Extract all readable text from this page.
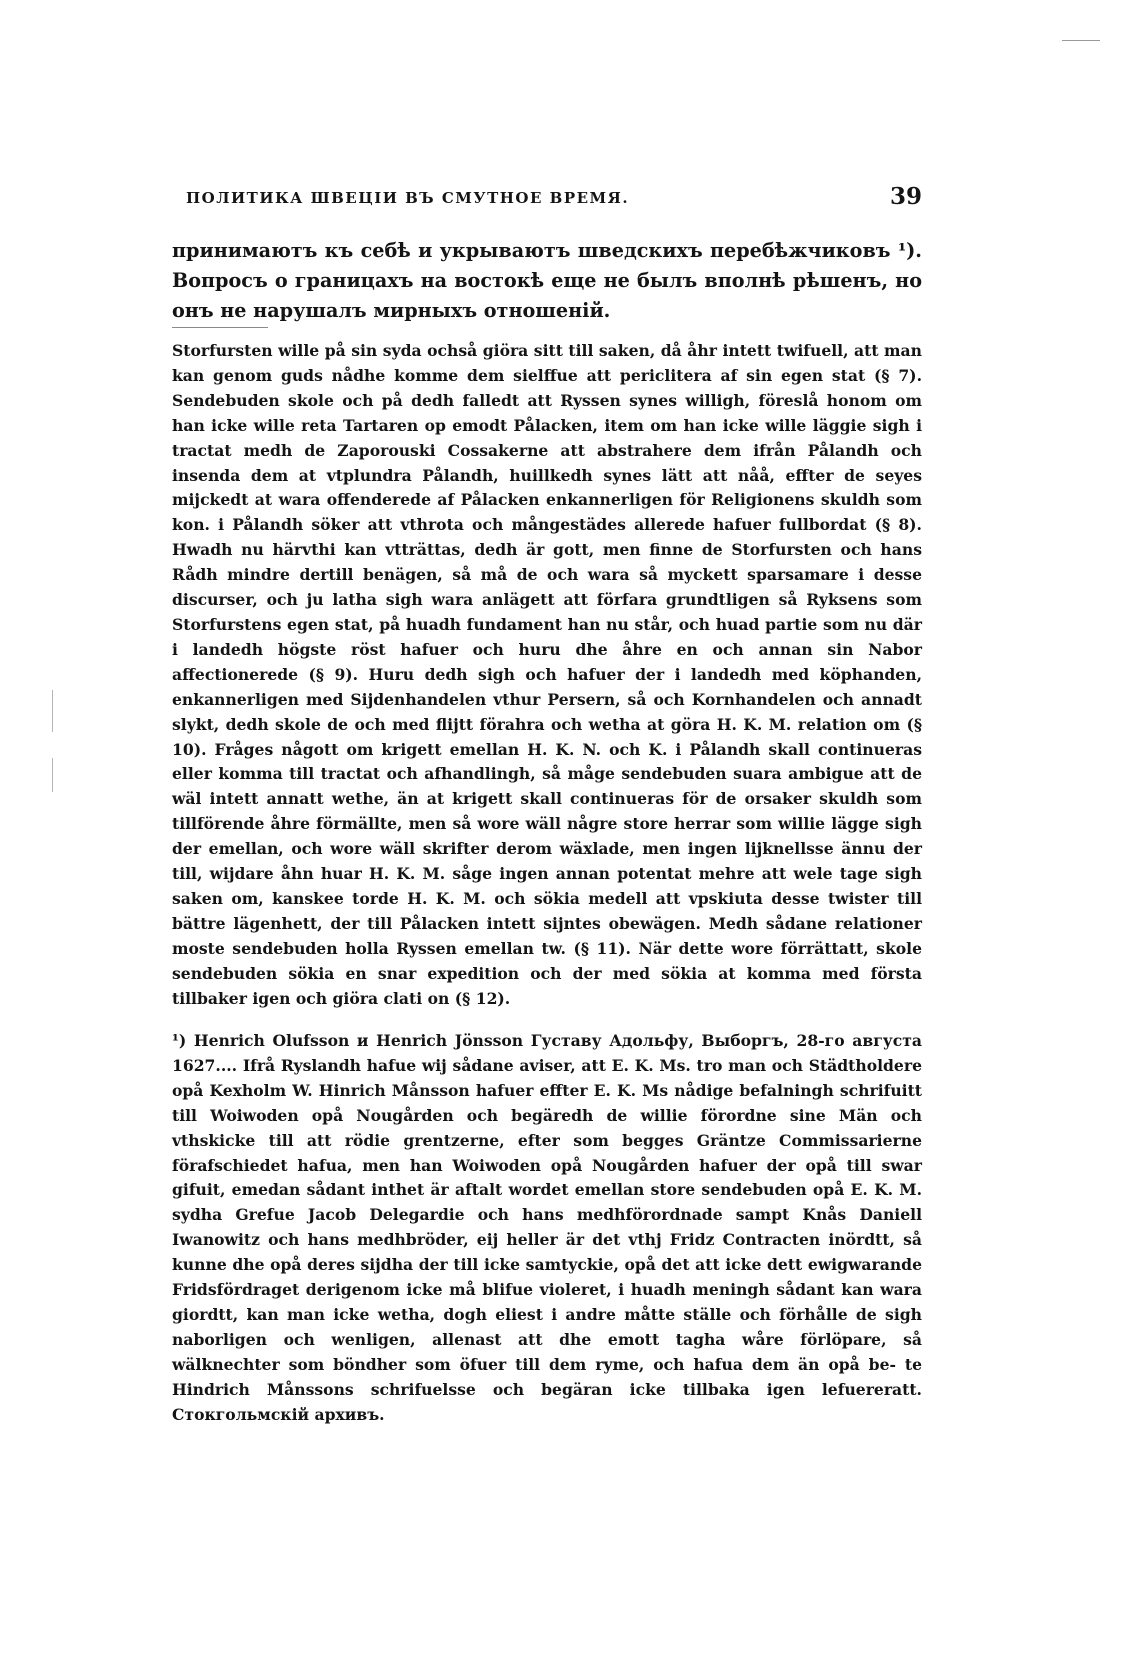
ПОЛИТИКА ШВЕЦІИ ВЪ СМУТНОЕ ВРЕМЯ.	39

принимаютъ къ себѣ и укрываютъ шведскихъ перебѣжчиковъ ¹). Вопросъ о границахъ на востокѣ еще не былъ вполнѣ рѣшенъ, но онъ не нарушалъ мирныхъ отношеній.

Storfursten wille på sin syda ochså giöra sitt till saken, då åhr intett twifuell, att man kan genom guds nådhe komme dem sielffue att periclitera af sin egen stat (§ 7). Sendebuden skole och på dedh falledt att Ryssen synes willigh, föreslå honom om han icke wille reta Tartaren op emodt Pålacken, item om han icke wille läggie sigh i tractat medh de Zaporouski Cossakerne att abstrahere dem ifrån Pålandh och insenda dem at vtplundra Pålandh, huillkedh synes lätt att nåå, effter de seyes mijckedt at wara offenderede af Pålacken enkannerligen för Religionens skuldh som kon. i Pålandh söker att vthrota och mångestädes allerede hafuer fullbordat (§ 8). Hwadh nu härvthi kan vtträttas, dedh är gott, men finne de Storfursten och hans Rådh mindre dertill benägen, så må de och wara så myckett sparsamare i desse discurser, och ju latha sigh wara anlägett att förfara grundtligen så Ryksens som Storfurstens egen stat, på huadh fundament han nu står, och huad partie som nu där i landedh högste röst hafuer och huru dhe åhre en och annan sin Nabor affectionerede (§ 9). Huru dedh sigh och hafuer der i landedh med köphanden, enkannerligen med Sijdenhandelen vthur Persern, så och Kornhandelen och annadt slykt, dedh skole de och med flijtt förahra och wetha at göra H. K. M. relation om (§ 10). Fråges någott om krigett emellan H. K. N. och K. i Pålandh skall continueras eller komma till tractat och afhandlingh, så måge sendebuden suara ambigue att de wäl intett annatt wethe, än at krigett skall continueras för de orsaker skuldh som tillförende åhre förmällte, men så wore wäll någre store herrar som willie lägge sigh der emellan, och wore wäll skrifter derom wäxlade, men ingen lijknellsse ännu der till, wijdare åhn huar H. K. M. såge ingen annan potentat mehre att wele tage sigh saken om, kanskee torde H. K. M. och sökia medell att vpskiuta desse twister till bättre lägenhett, der till Pålacken intett sijntes obewägen. Medh sådane relationer moste sendebuden holla Ryssen emellan tw. (§ 11). När dette wore förrättatt, skole sendebuden sökia en snar expedition och der med sökia at komma med första tillbaker igen och giöra clati on (§ 12).

¹) Henrich Olufsson и Henrich Jönsson Густаву Адольфу, Выборгъ, 28-го августа 1627.... Ifrå Ryslandh hafue wij sådane aviser, att E. K. Ms. tro man och Städtholdere opå Kexholm W. Hinrich Månsson hafuer effter E. K. Ms nådige befalningh schrifuitt till Woiwoden opå Nougården och begäredh de willie förordne sine Män och vthskicke till att rödie grentzerne, efter som begges Gräntze Commissarierne förafschiedet hafua, men han Woiwoden opå Nougården hafuer der opå till swar gifuit, emedan sådant inthet är aftalt wordet emellan store sendebuden opå E. K. M. sydha Grefue Jacob Delegardie och hans medhförordnade sampt Knås Daniell Iwanowitz och hans medhbröder, eij heller är det vthj Fridz Contracten inördtt, så kunne dhe opå deres sijdha der till icke samtyckie, opå det att icke dett ewigwarande Fridsfördraget derigenom icke må blifue violeret, i huadh meningh sådant kan wara giordtt, kan man icke wetha, dogh eliest i andre måtte ställe och förhålle de sigh naborligen och wenligen, allenast att dhe emott tagha wåre förlöpare, så wälknechter som böndher som öfuer till dem ryme, och hafua dem än opå be- te Hindrich Månssons schrifuelsse och begäran icke tillbaka igen lefuereratt. Стокгольмскій архивъ.
